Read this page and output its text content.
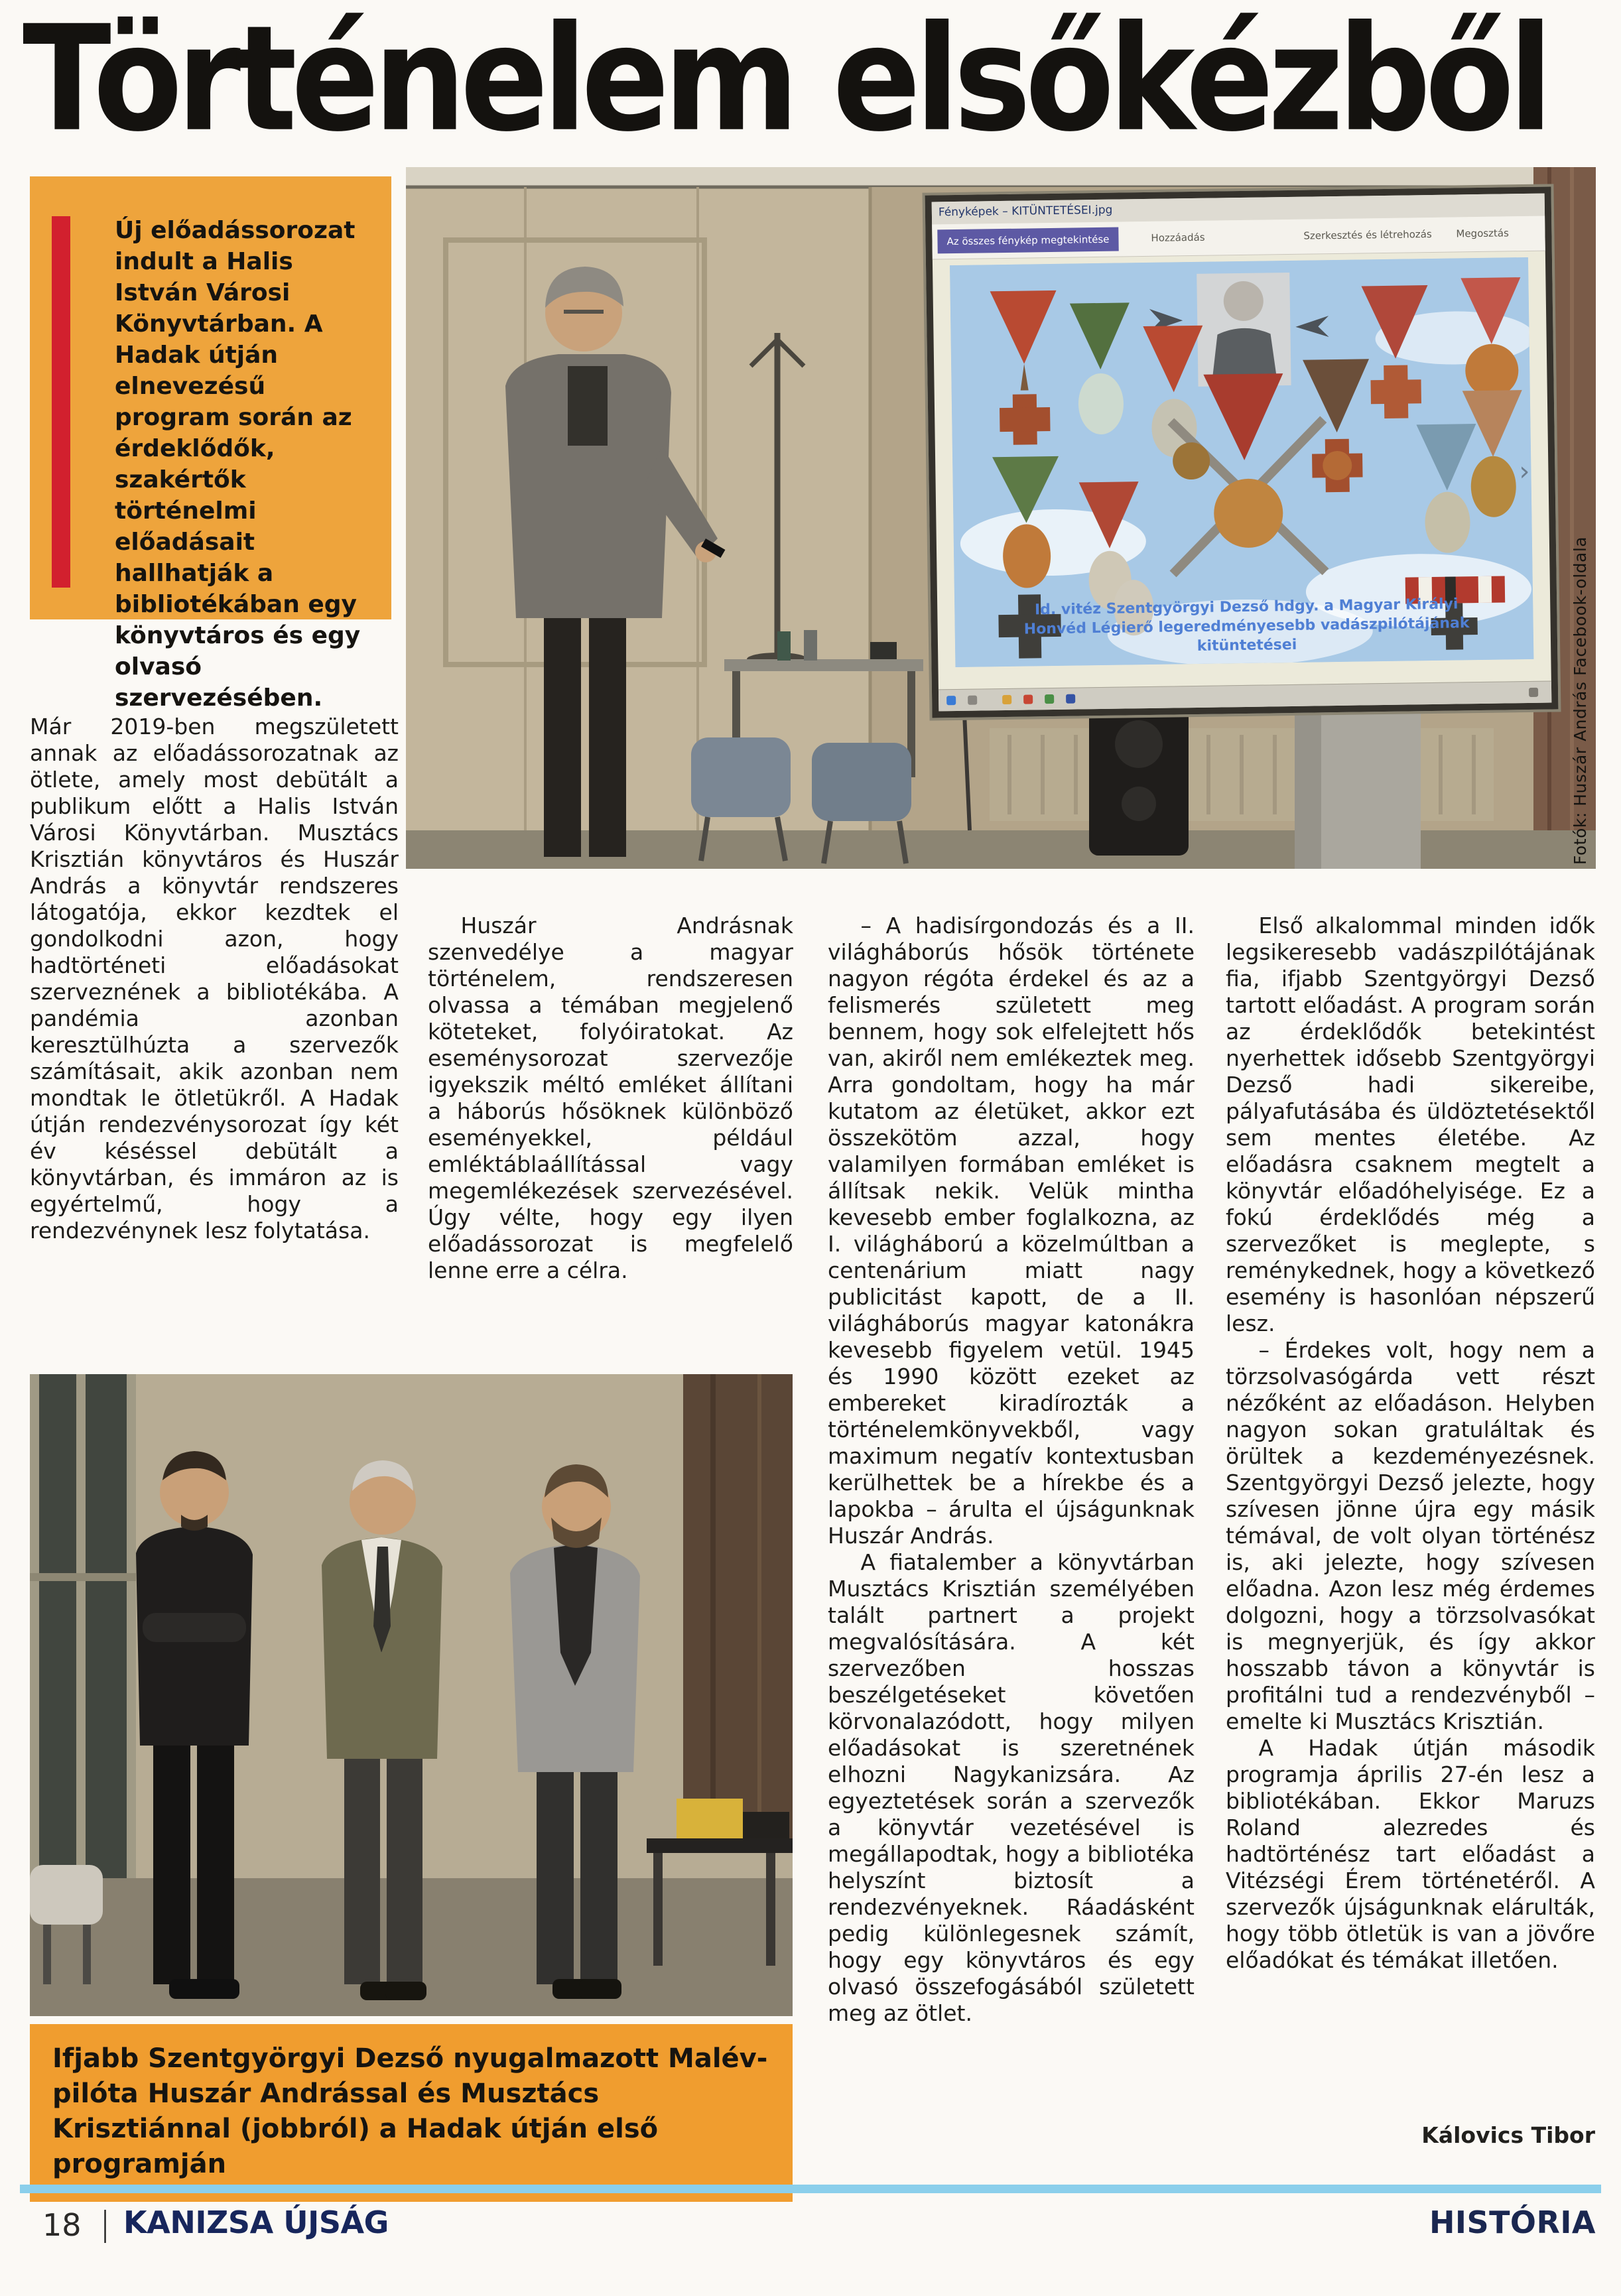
Történelem elsőkézből
Új előadássorozat indult a Halis István Városi Könyvtárban. A Hadak útján elnevezésű program során az érdeklődők, szakértők történelmi előadásait hallhatják a bibliotékában egy könyvtáros és egy olvasó szervezésében.
Fényképek – KITÜNTETÉSEI.jpg
Az összes fénykép megtekintése	Hozzáadás	Szerkesztés és létrehozás Megosztás
Id. vitéz Szentgyörgyi Dezső hdgy. a Magyar Királyi Honvéd Légierő legeredményesebb vadászpilótájának kitüntetései
›
Fotók: Huszár András Facebook-oldala

Már 2019-ben megszületett annak az előadássorozatnak az ötlete, amely most debütált a publikum előtt a Halis István Városi Könyvtárban. Musztács Krisztián könyvtáros és Huszár András a könyvtár rendszeres látogatója, ekkor kezdtek el gondolkodni azon, hogy hadtörténeti előadásokat szerveznének a bibliotékába. A pandémia azonban keresztülhúzta a szervezők számításait, akik azonban nem mondtak le ötletükről. A Hadak útján rendezvénysorozat így két év késéssel debütált a könyvtárban, és immáron az is egyértelmű, hogy a rendezvénynek lesz folytatása.

Huszár Andrásnak szenvedélye a magyar történelem, rendszeresen olvassa a témában megjelenő köteteket, folyóiratokat. Az eseménysorozat szervezője igyekszik méltó emléket állítani a háborús hősöknek különböző eseményekkel, például emléktáblaállítással vagy megemlékezések szervezésével. Úgy vélte, hogy egy ilyen előadássorozat is megfelelő lenne erre a célra.

– A hadisírgondozás és a II. világháborús hősök története nagyon régóta érdekel és az a felismerés született meg bennem, hogy sok elfelejtett hős van, akiről nem emlékeztek meg. Arra gondoltam, hogy ha már kutatom az életüket, akkor ezt összekötöm azzal, hogy valamilyen formában emléket is állítsak nekik. Velük mintha kevesebb ember foglalkozna, az I. világháború a közelmúltban a centenárium miatt nagy publicitást kapott, de a II. világháborús magyar katonákra kevesebb figyelem vetül. 1945 és 1990 között ezeket az embereket kiradírozták a történelemkönyvekből, vagy maximum negatív kontextusban kerülhettek be a hírekbe és a lapokba – árulta el újságunknak Huszár András.

A fiatalember a könyvtárban Musztács Krisztián személyében talált partnert a projekt megvalósítására. A két szervezőben hosszas beszélgetéseket követően körvonalazódott, hogy milyen előadásokat is szeretnének elhozni Nagykanizsára. Az egyeztetések során a szervezők a könyvtár vezetésével is megállapodtak, hogy a bibliotéka helyszínt biztosít a rendezvényeknek. Ráadásként pedig különlegesnek számít, hogy egy könyvtáros és egy olvasó összefogásából született meg az ötlet.

Első alkalommal minden idők legsikeresebb vadászpilótájának fia, ifjabb Szentgyörgyi Dezső tartott előadást. A program során az érdeklődők betekintést nyerhettek idősebb Szentgyörgyi Dezső hadi sikereibe, pályafutásába és üldöztetésektől sem mentes életébe. Az előadásra csaknem megtelt a könyvtár előadóhelyisége. Ez a fokú érdeklődés még a szervezőket is meglepte, s reménykednek, hogy a következő esemény is hasonlóan népszerű lesz.

– Érdekes volt, hogy nem a törzsolvasógárda vett részt nézőként az előadáson. Helyben nagyon sokan gratuláltak és örültek a kezdeményezésnek. Szentgyörgyi Dezső jelezte, hogy szívesen jönne újra egy másik témával, de volt olyan történész is, aki jelezte, hogy szívesen előadna. Azon lesz még érdemes dolgozni, hogy a törzsolvasókat is megnyerjük, és így akkor hosszabb távon a könyvtár is profitálni tud a rendezvényből – emelte ki Musztács Krisztián.

A Hadak útján második programja április 27-én lesz a bibliotékában. Ekkor Maruzs Roland alezredes és hadtörténész tart előadást a Vitézségi Érem történetéről. A szervezők újságunknak elárulták, hogy több ötletük is van a jövőre előadókat és témákat illetően.

Kálovics Tibor
Ifjabb Szentgyörgyi Dezső nyugalmazott Malév-pilóta Huszár Andrással és Musztács Krisztiánnal (jobbról) a Hadak útján első programján
18 | KANIZSA ÚJSÁG	HISTÓRIA
